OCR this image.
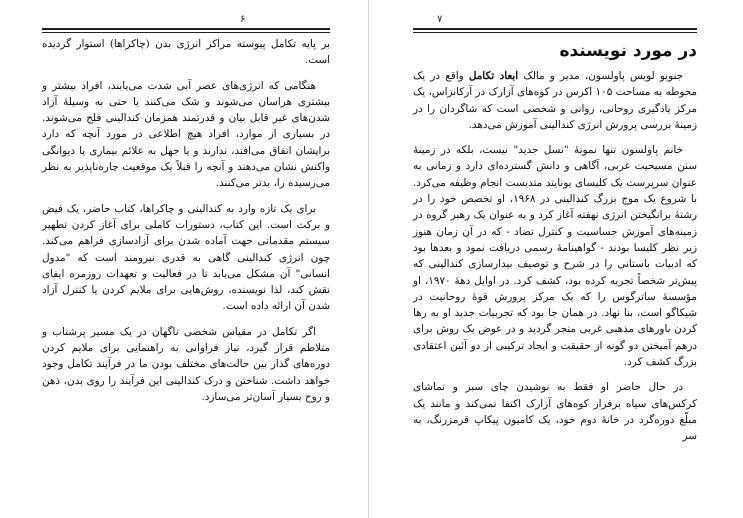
۶

بر پایه تکامل پیوسته مراکز انرژی بدن (چاکراها) استوار گردیده است.

هنگامی که انرژی‌های عصر آبی شدت می‌یابند، افراد بیشتر و بیشتری هراسان می‌شوند و شک می‌کنند یا حتی به وسیلهٔ آزاد شدن‌های غیر قابل بیان و قدرتمند همزمان کندالینی فلج می‌شوند. در بسیاری از موارد، افراد هیچ اطلاعی در مورد آنچه که دارد برایشان اتفاق می‌افتد، ندارند و یا جهل به علائم بیماری یا دیوانگی واکنش نشان می‌دهند و آنچه را قبلاً یک موقعیت چاره‌ناپذیر به نظر می‌رسیده را، بدتر می‌کنند.

برای یک تازه وارد به کندالینی و چاکراها، کتاب حاضر، یک فیض و برکت است. این کتاب، دستورات کاملی برای آغاز کردن تطهیر سیستم مقدماتی جهت آماده شدن برای آزادسازی فراهم می‌کند. چون انرژی کندالینی گاهی به قدری نیرومند است که "مدول انسانی" آن مشکل می‌یابد تا در فعالیت و تعهدات روزمره ایفای نقش کند، لذا نویسنده، روش‌هایی برای ملایم کردن یا کنترل آزاد شدن آن ارائه داده است.

اگر تکامل در مقیاس شخصی ناگهان در یک مسیر پرشتاب و متلاطم قرار گیرد، نیاز فراوانی به راهنمایی برای ملایم کردن دوره‌های گذار بین حالت‌های مختلف بودن ما در فرآیند تکامل وجود خواهد داشت. شناختن و درک کندالینی این فرآیند را روی بدن، ذهن و روح بسیار آسان‌تر می‌سازد.

۷
در مورد نویسنده

جنویو لویس پاولسون، مدیر و مالک ابعاد تکامل واقع در یک محوطه به مساحت ۱۰۵ اکرس در کوه‌های آزارک در آرکانزاس، یک مرکز یادگیری روحانی، روانی و شخصی است که شاگردان را در زمینهٔ بررسی پرورش انرژی کندالینی آموزش می‌دهد.

خانم پاولسون تنها نمونهٔ "نسل جدید" نیست، بلکه در زمینهٔ سنن مسیحیت غربی، آگاهی و دانش گسترده‌ای دارد و زمانی به عنوان سرپرست یک کلیسای یونایتد متدیست انجام وظیفه می‌کرد. با شروع یک موج بزرگ کندالینی در ۱۹۶۸، او تخصص خود را در رشتهٔ برانگیختن انرژی نهفته آغاز کرد و به عنوان یک رهبر گروه در زمینه‌های آموزش حساسیت و کنترل تضاد - که در آن زمان هنوز زیر نظر کلیسا بودند - گواهینامهٔ رسمی دریافت نمود و بعدها بود که ادبیات باستانی را در شرح و توصیف بیدارسازی کندالینی که پیش‌تر شخصاً تجربه کرده بود، کشف کرد. در اوایل دههٔ ۱۹۷۰، او مؤسسهٔ ساترگوس را که یک مرکز پرورش قوهٔ روحانیت در شیکاگو است، بنا نهاد. در همان جا بود که تجربیات جدید او به رها کردن باورهای مذهبی غربی منجر گردید و در عوض یک روش برای درهم آمیختن دو گونه از حقیقت و ایجاد ترکیبی از دو آئین اعتقادی بزرگ کشف کرد.

در حال حاضر او فقط به نوشیدن چای سبز و تماشای کرکس‌های سیاه برفراز کوه‌های آزارک اکتفا نمی‌کند و مانند یک مبلّغ دوره‌گرد در خانهٔ دوم خود، یک کامیون پیکاپ قرمزرنگ، به سر
